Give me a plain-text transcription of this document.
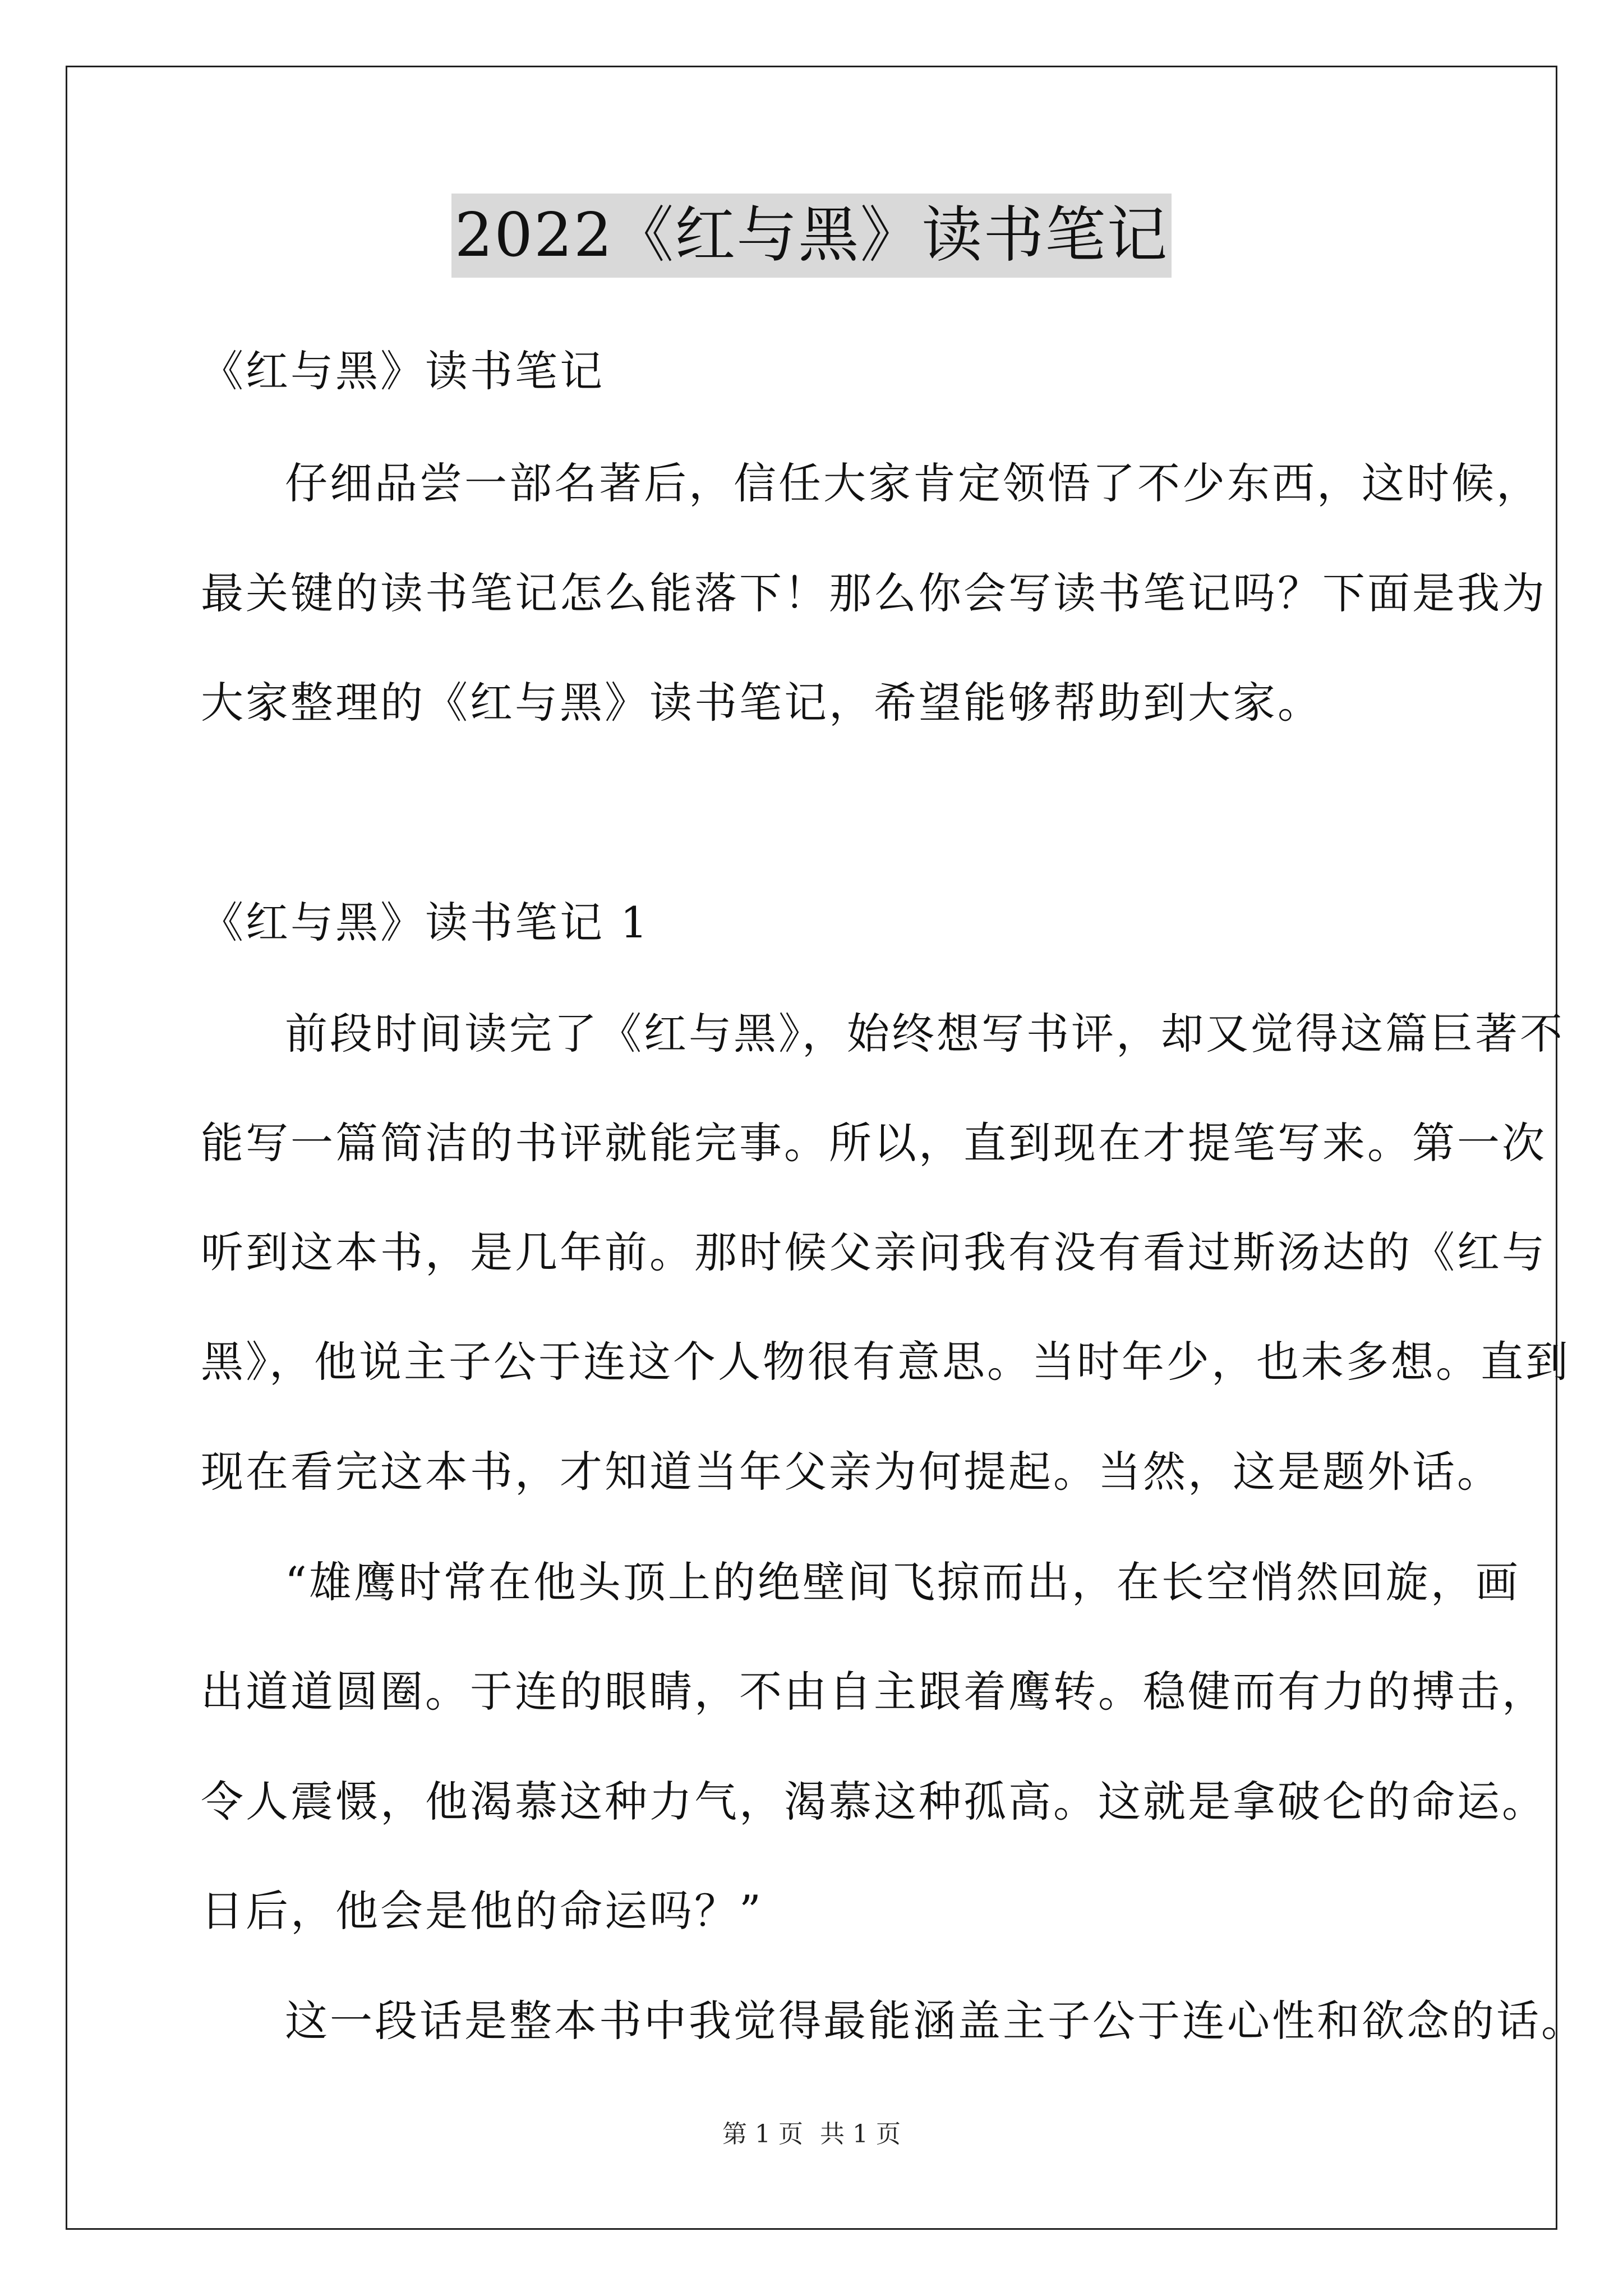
2022《红与黑》读书笔记
《红与黑》读书笔记
仔细品尝一部名著后，信任大家肯定领悟了不少东西，这时候，
最关键的读书笔记怎么能落下！那么你会写读书笔记吗？下面是我为
大家整理的《红与黑》读书笔记，希望能够帮助到大家。
《红与黑》读书笔记 1
前段时间读完了《红与黑》，始终想写书评，却又觉得这篇巨著不
能写一篇简洁的书评就能完事。所以，直到现在才提笔写来。第一次
听到这本书，是几年前。那时候父亲问我有没有看过斯汤达的《红与
黑》，他说主子公于连这个人物很有意思。当时年少，也未多想。直到
现在看完这本书，才知道当年父亲为何提起。当然，这是题外话。
“雄鹰时常在他头顶上的绝壁间飞掠而出，在长空悄然回旋，画
出道道圆圈。于连的眼睛，不由自主跟着鹰转。稳健而有力的搏击，
令人震慑，他渴慕这种力气，渴慕这种孤高。这就是拿破仑的命运。
日后，他会是他的命运吗？”
这一段话是整本书中我觉得最能涵盖主子公于连心性和欲念的话。
第 1 页 共 1 页
